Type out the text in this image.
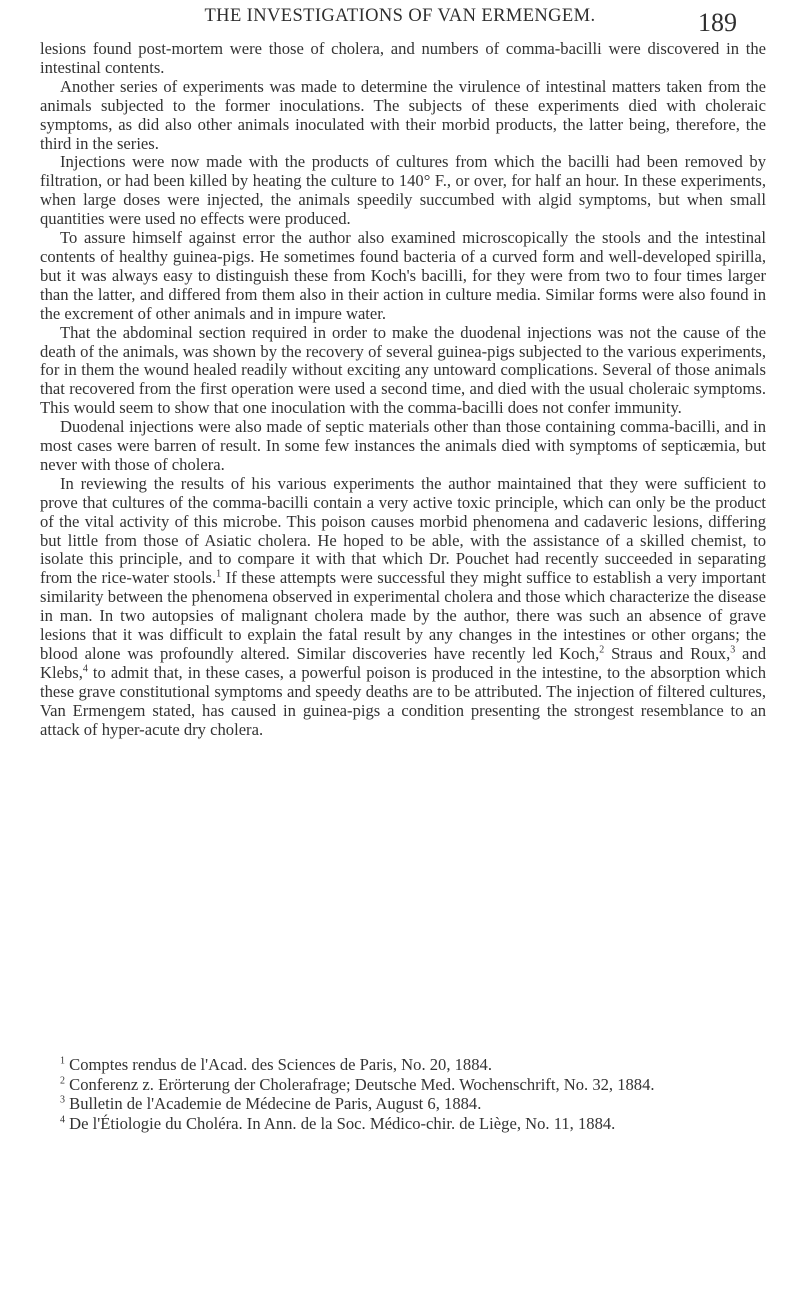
THE INVESTIGATIONS OF VAN ERMENGEM.	189

lesions found post-mortem were those of cholera, and numbers of comma-bacilli were discovered in the intestinal contents.

Another series of experiments was made to determine the virulence of intestinal matters taken from the animals subjected to the former inoculations. The subjects of these experiments died with choleraic symptoms, as did also other animals inoculated with their morbid products, the latter being, therefore, the third in the series.

Injections were now made with the products of cultures from which the bacilli had been removed by filtration, or had been killed by heating the culture to 140° F., or over, for half an hour. In these experiments, when large doses were injected, the animals speedily succumbed with algid symptoms, but when small quantities were used no effects were produced.

To assure himself against error the author also examined microscopically the stools and the intestinal contents of healthy guinea-pigs. He sometimes found bacteria of a curved form and well-developed spirilla, but it was always easy to distinguish these from Koch's bacilli, for they were from two to four times larger than the latter, and differed from them also in their action in culture media. Similar forms were also found in the excrement of other animals and in impure water.

That the abdominal section required in order to make the duodenal injections was not the cause of the death of the animals, was shown by the recovery of several guinea-pigs subjected to the various experiments, for in them the wound healed readily without exciting any untoward complications. Several of those animals that recovered from the first operation were used a second time, and died with the usual choleraic symptoms. This would seem to show that one inoculation with the comma-bacilli does not confer immunity.

Duodenal injections were also made of septic materials other than those containing comma-bacilli, and in most cases were barren of result. In some few instances the animals died with symptoms of septicæmia, but never with those of cholera.

In reviewing the results of his various experiments the author maintained that they were sufficient to prove that cultures of the comma-bacilli contain a very active toxic principle, which can only be the product of the vital activity of this microbe. This poison causes morbid phenomena and cadaveric lesions, differing but little from those of Asiatic cholera. He hoped to be able, with the assistance of a skilled chemist, to isolate this principle, and to compare it with that which Dr. Pouchet had recently succeeded in separating from the rice-water stools.$^1$ If these attempts were successful they might suffice to establish a very important similarity between the phenomena observed in experimental cholera and those which characterize the disease in man. In two autopsies of malignant cholera made by the author, there was such an absence of grave lesions that it was difficult to explain the fatal result by any changes in the intestines or other organs; the blood alone was profoundly altered. Similar discoveries have recently led Koch,$^2$ Straus and Roux,$^3$ and Klebs,$^4$ to admit that, in these cases, a powerful poison is produced in the intestine, to the absorption which these grave constitutional symptoms and speedy deaths are to be attributed. The injection of filtered cultures, Van Ermengem stated, has caused in guinea-pigs a condition presenting the strongest resemblance to an attack of hyper-acute dry cholera.

$^1$ Comptes rendus de l'Acad. des Sciences de Paris, No. 20, 1884.

$^2$ Conferenz z. Erörterung der Cholerafrage; Deutsche Med. Wochenschrift, No. 32, 1884.

$^3$ Bulletin de l'Academie de Médecine de Paris, August 6, 1884.

$^4$ De l'Étiologie du Choléra. In Ann. de la Soc. Médico-chir. de Liège, No. 11, 1884.
